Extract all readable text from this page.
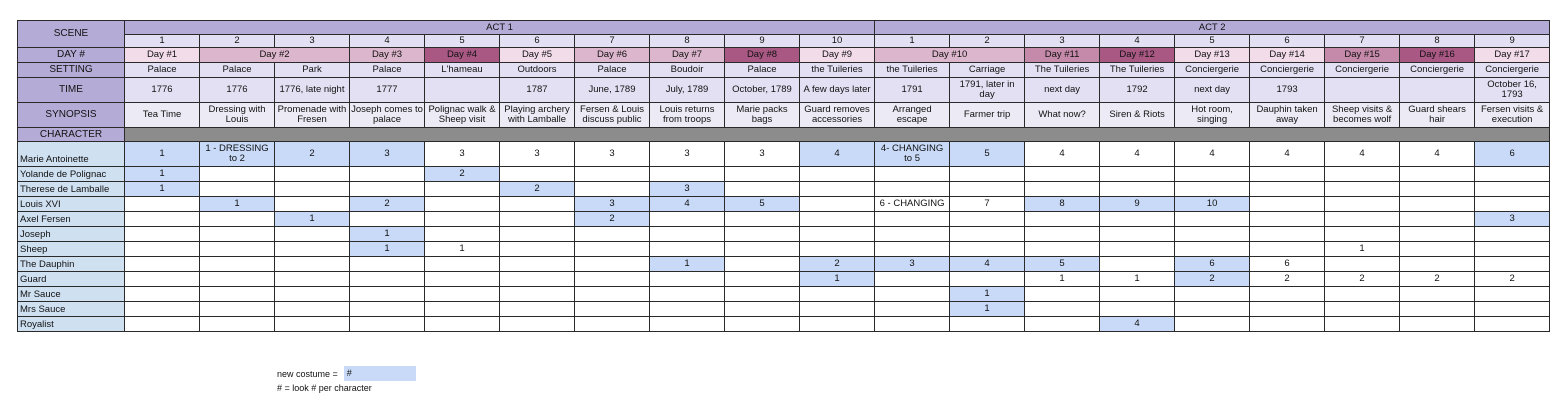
SCENE	ACT 1										ACT 2								
	1	2	3	4	5	6	7	8	9	10	1	2	3	4	5	6	7	8	9
DAY #	Day #1	Day #2		Day #3	Day #4	Day #5	Day #6	Day #7	Day #8	Day #9	Day #10		Day #11	Day #12	Day #13	Day #14	Day #15	Day #16	Day #17
SETTING	Palace	Palace	Park	Palace	L'hameau	Outdoors	Palace	Boudoir	Palace	the Tuileries	the Tuileries	Carriage	The Tuileries	The Tuileries	Conciergerie	Conciergerie	Conciergerie	Conciergerie	Conciergerie
TIME	1776	1776	1776, late night	1777		1787	June, 1789	July, 1789	October, 1789	A few days later	1791	1791, later in day	next day	1792	next day	1793			October 16, 1793
SYNOPSIS	Tea Time	Dressing with Louis	Promenade with Fresen	Joseph comes to palace	Polignac walk & Sheep visit	Playing archery with Lamballe	Fersen & Louis discuss public	Louis returns from troops	Marie packs bags	Guard removes accessories	Arranged escape	Farmer trip	What now?	Siren & Riots	Hot room, singing	Dauphin taken away	Sheep visits & becomes wolf	Guard shears hair	Fersen visits & execution
CHARACTER																			
Marie Antoinette	1	1 - DRESSING to 2	2	3	3	3	3	3	3	4	4- CHANGING to 5	5	4	4	4	4	4	4	6
Yolande de Polignac	1				2														
Therese de Lamballe	1					2		3											
Louis XVI		1		2			3	4	5		6 - CHANGING	7	8	9	10				
Axel Fersen			1				2												3
Joseph				1															
Sheep				1	1												1		
The Dauphin								1		2	3	4	5		6	6			
Guard										1			1	1	2	2	2	2	2
Mr Sauce												1							
Mrs Sauce												1							
Royalist														4					
new costume =	#
# = look # per character
